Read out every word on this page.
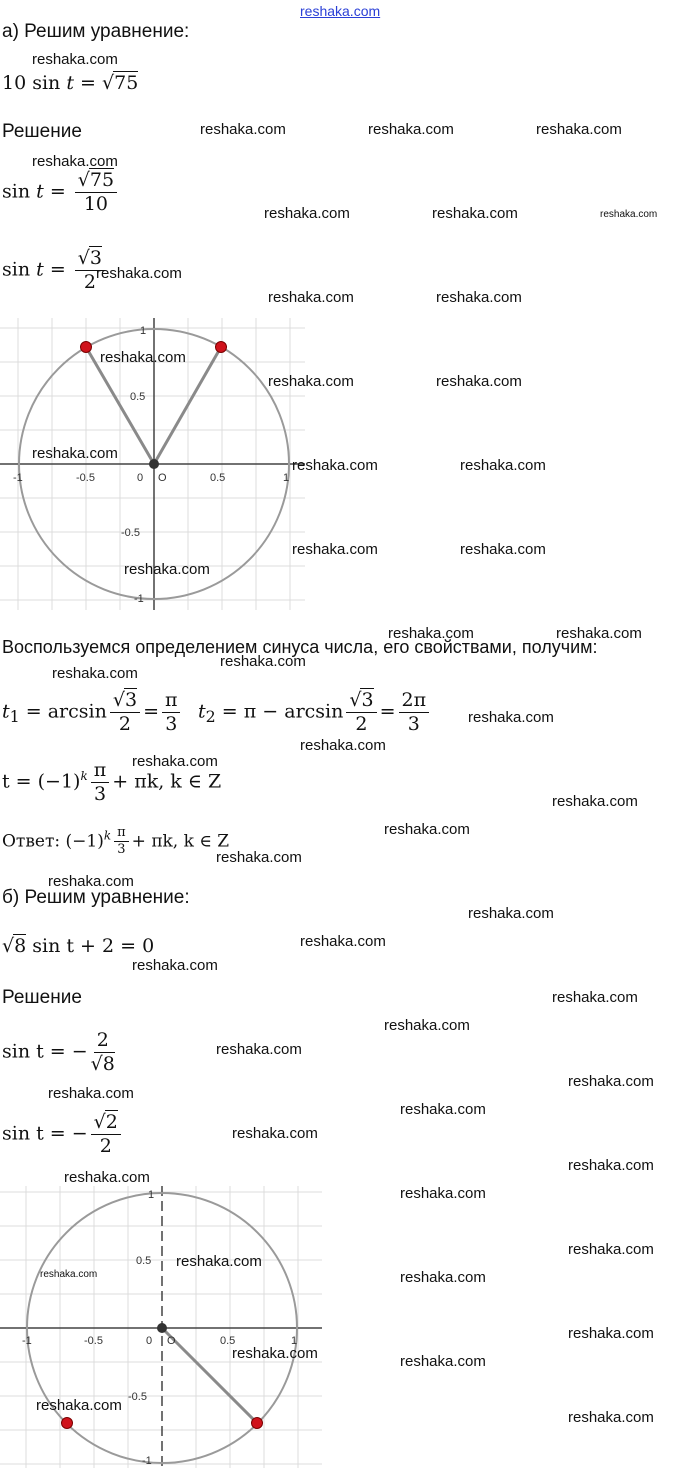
reshaka.com
а) Решим уравнение:
10 sin t = √75
Решение
$\sin t = \frac{√75}{10}$
$\sin t = \frac{√3}{2}$
-1	-0.5	0	0.5	1
O
1
0.5
-0.5
-1
Воспользуемся определением синуса числа, его свойствами, получим:
$t_1 = \arcsin \frac{√3}{2} = \frac{\pi}{3} t_2 = \pi - \arcsin \frac{√3}{2} = \frac{2\pi}{3}$
$t = (-1)^k \frac{\pi}{3} + \pi k$, k ∈ Z
Ответ: $(-1)^k \frac{\pi}{3} + \pi k$, k ∈ Z
б) Решим уравнение:
√8 sin t + 2 = 0
Решение
sin t = − $\frac{2}{√8}$
sin t = − $\frac{√2}{2}$
-1	-0.5	0	0.5	1
O
1
0.5
-0.5
-1
reshaka.com
reshaka.com	reshaka.com	reshaka.com
reshaka.com
reshaka.com	reshaka.com	reshaka.com
reshaka.com
reshaka.com	reshaka.com
reshaka.com
reshaka.com	reshaka.com
reshaka.com
reshaka.com	reshaka.com
reshaka.com	reshaka.com
reshaka.com
reshaka.com	reshaka.com
reshaka.com
reshaka.com
reshaka.com
reshaka.com
reshaka.com
reshaka.com
reshaka.com
reshaka.com
reshaka.com
reshaka.com
reshaka.com
reshaka.com
reshaka.com
reshaka.com
reshaka.com
reshaka.com
reshaka.com
reshaka.com
reshaka.com
reshaka.com
reshaka.com
reshaka.com
reshaka.com
reshaka.com
reshaka.com	reshaka.com
reshaka.com
reshaka.com	reshaka.com
reshaka.com
reshaka.com
